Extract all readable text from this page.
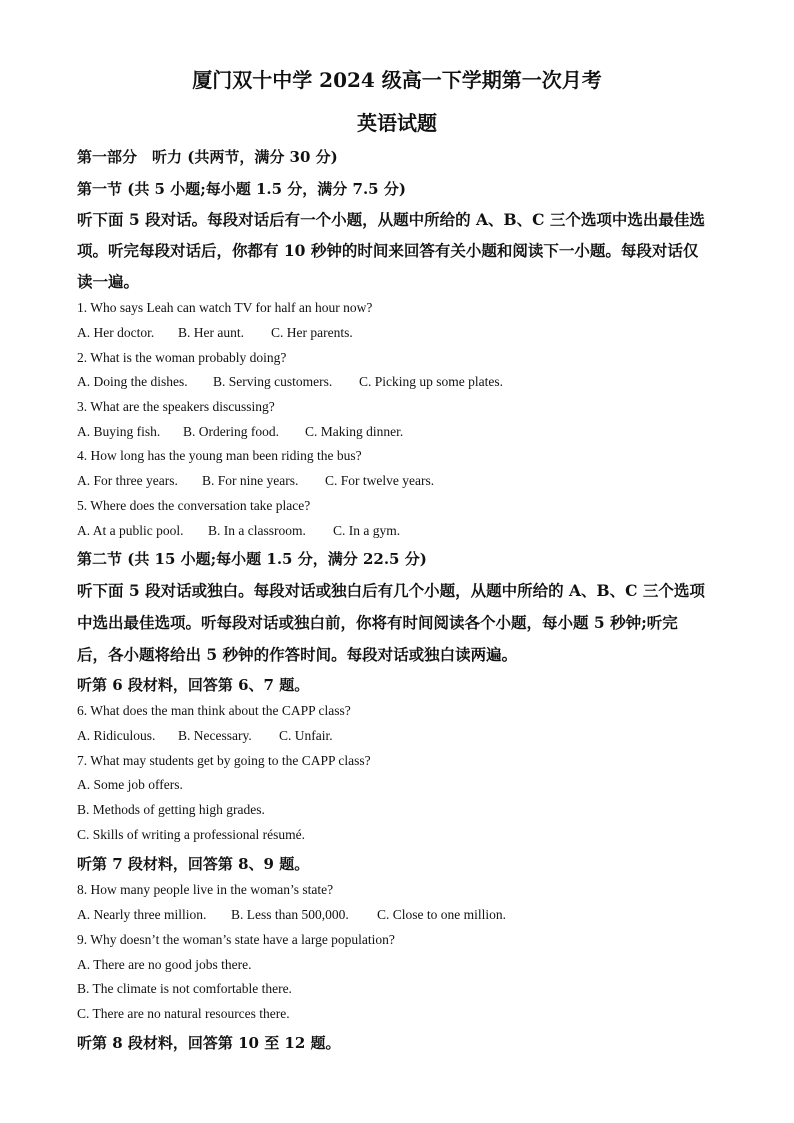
厦门双十中学 2024 级高一下学期第一次月考
英语试题
第一部分　听力 (共两节，满分 30 分)
第一节 (共 5 小题;每小题 1.5 分，满分 7.5 分)
听下面 5 段对话。每段对话后有一个小题，从题中所给的 A、B、C 三个选项中选出最佳选
项。听完每段对话后，你都有 10 秒钟的时间来回答有关小题和阅读下一小题。每段对话仅
读一遍。
1. Who says Leah can watch TV for half an hour now?
A. Her doctor. B. Her aunt. C. Her parents.
2. What is the woman probably doing?
A. Doing the dishes. B. Serving customers. C. Picking up some plates.
3. What are the speakers discussing?
A. Buying fish. B. Ordering food. C. Making dinner.
4. How long has the young man been riding the bus?
A. For three years. B. For nine years. C. For twelve years.
5. Where does the conversation take place?
A. At a public pool. B. In a classroom. C. In a gym.
第二节 (共 15 小题;每小题 1.5 分，满分 22.5 分)
听下面 5 段对话或独白。每段对话或独白后有几个小题，从题中所给的 A、B、C 三个选项
中选出最佳选项。听每段对话或独白前，你将有时间阅读各个小题，每小题 5 秒钟;听完
后，各小题将给出 5 秒钟的作答时间。每段对话或独白读两遍。
听第 6 段材料，回答第 6、7 题。
6. What does the man think about the CAPP class?
A. Ridiculous. B. Necessary. C. Unfair.
7. What may students get by going to the CAPP class?
A. Some job offers.
B. Methods of getting high grades.
C. Skills of writing a professional résumé.
听第 7 段材料，回答第 8、9 题。
8. How many people live in the woman’s state?
A. Nearly three million. B. Less than 500,000. C. Close to one million.
9. Why doesn’t the woman’s state have a large population?
A. There are no good jobs there.
B. The climate is not comfortable there.
C. There are no natural resources there.
听第 8 段材料，回答第 10 至 12 题。
